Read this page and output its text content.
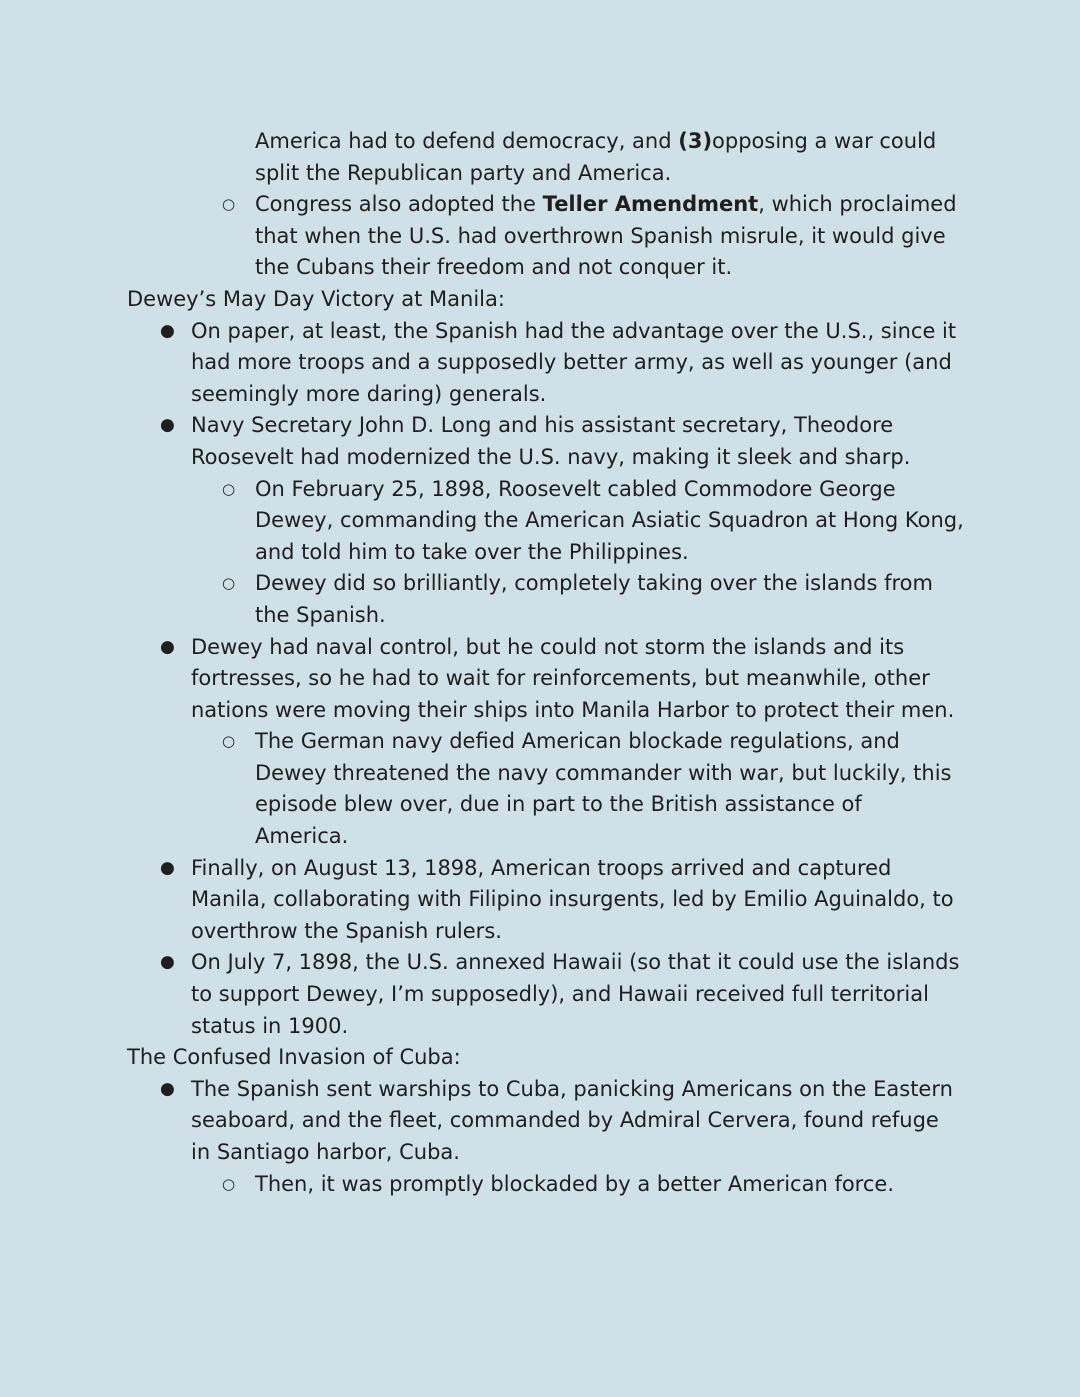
America had to defend democracy, and (3)opposing a war could
split the Republican party and America.
○ Congress also adopted the Teller Amendment, which proclaimed
that when the U.S. had overthrown Spanish misrule, it would give
the Cubans their freedom and not conquer it.
Dewey’s May Day Victory at Manila:
● On paper, at least, the Spanish had the advantage over the U.S., since it
had more troops and a supposedly better army, as well as younger (and
seemingly more daring) generals.
● Navy Secretary John D. Long and his assistant secretary, Theodore
Roosevelt had modernized the U.S. navy, making it sleek and sharp.
○ On February 25, 1898, Roosevelt cabled Commodore George
Dewey, commanding the American Asiatic Squadron at Hong Kong,
and told him to take over the Philippines.
○ Dewey did so brilliantly, completely taking over the islands from
the Spanish.
● Dewey had naval control, but he could not storm the islands and its
fortresses, so he had to wait for reinforcements, but meanwhile, other
nations were moving their ships into Manila Harbor to protect their men.
○ The German navy defied American blockade regulations, and
Dewey threatened the navy commander with war, but luckily, this
episode blew over, due in part to the British assistance of
America.
● Finally, on August 13, 1898, American troops arrived and captured
Manila, collaborating with Filipino insurgents, led by Emilio Aguinaldo, to
overthrow the Spanish rulers.
● On July 7, 1898, the U.S. annexed Hawaii (so that it could use the islands
to support Dewey, I’m supposedly), and Hawaii received full territorial
status in 1900.
The Confused Invasion of Cuba:
● The Spanish sent warships to Cuba, panicking Americans on the Eastern
seaboard, and the fleet, commanded by Admiral Cervera, found refuge
in Santiago harbor, Cuba.
○ Then, it was promptly blockaded by a better American force.
